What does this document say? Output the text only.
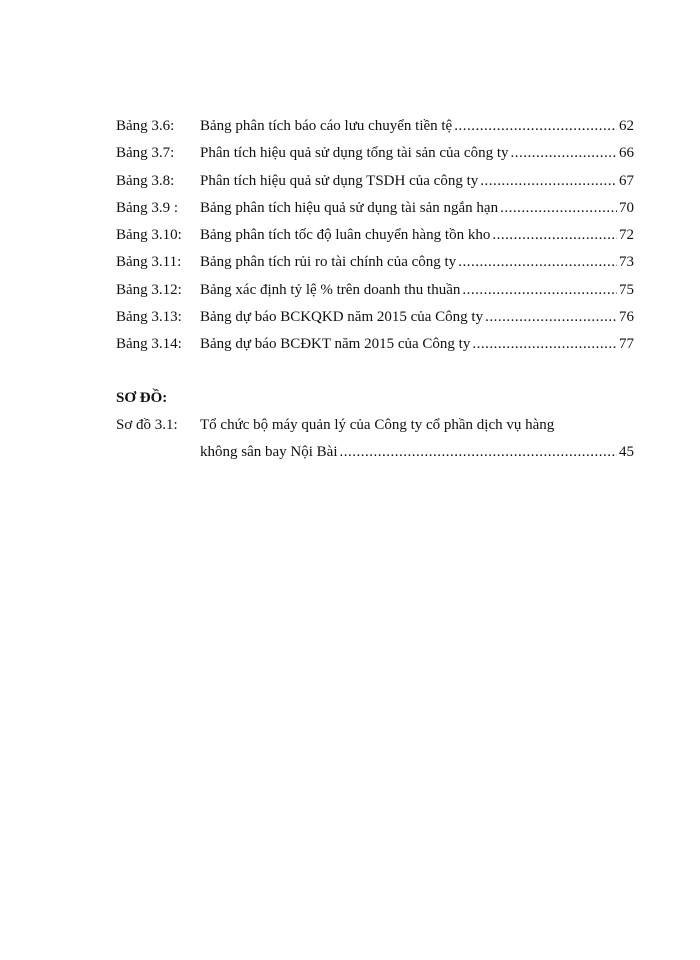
Bảng 3.6:	Bảng phân tích báo cáo lưu chuyển tiền tệ .....	62
Bảng 3.7:	Phân tích hiệu quả sử dụng tổng tài sản của công ty .....	66
Bảng 3.8:	Phân tích hiệu quả sử dụng TSDH của công ty .....	67
Bảng 3.9 :	Bảng phân tích hiệu quả sử dụng tài sản ngắn hạn .....	70
Bảng 3.10:	Bảng phân tích tốc độ luân chuyển hàng tồn kho .....	72
Bảng 3.11:	Bảng phân tích rủi ro tài chính của công ty .....	73
Bảng 3.12:	Bảng xác định tỷ lệ % trên doanh thu thuần .....	75
Bảng 3.13:	Bảng dự báo BCKQKD năm 2015 của Công ty .....	76
Bảng 3.14:	Bảng dự báo BCĐKT năm 2015 của Công ty .....	77
SƠ ĐỒ:
Sơ đồ 3.1:	Tổ chức bộ máy quản lý của Công ty cổ phần dịch vụ hàng
không sân bay Nội Bài .....	45
